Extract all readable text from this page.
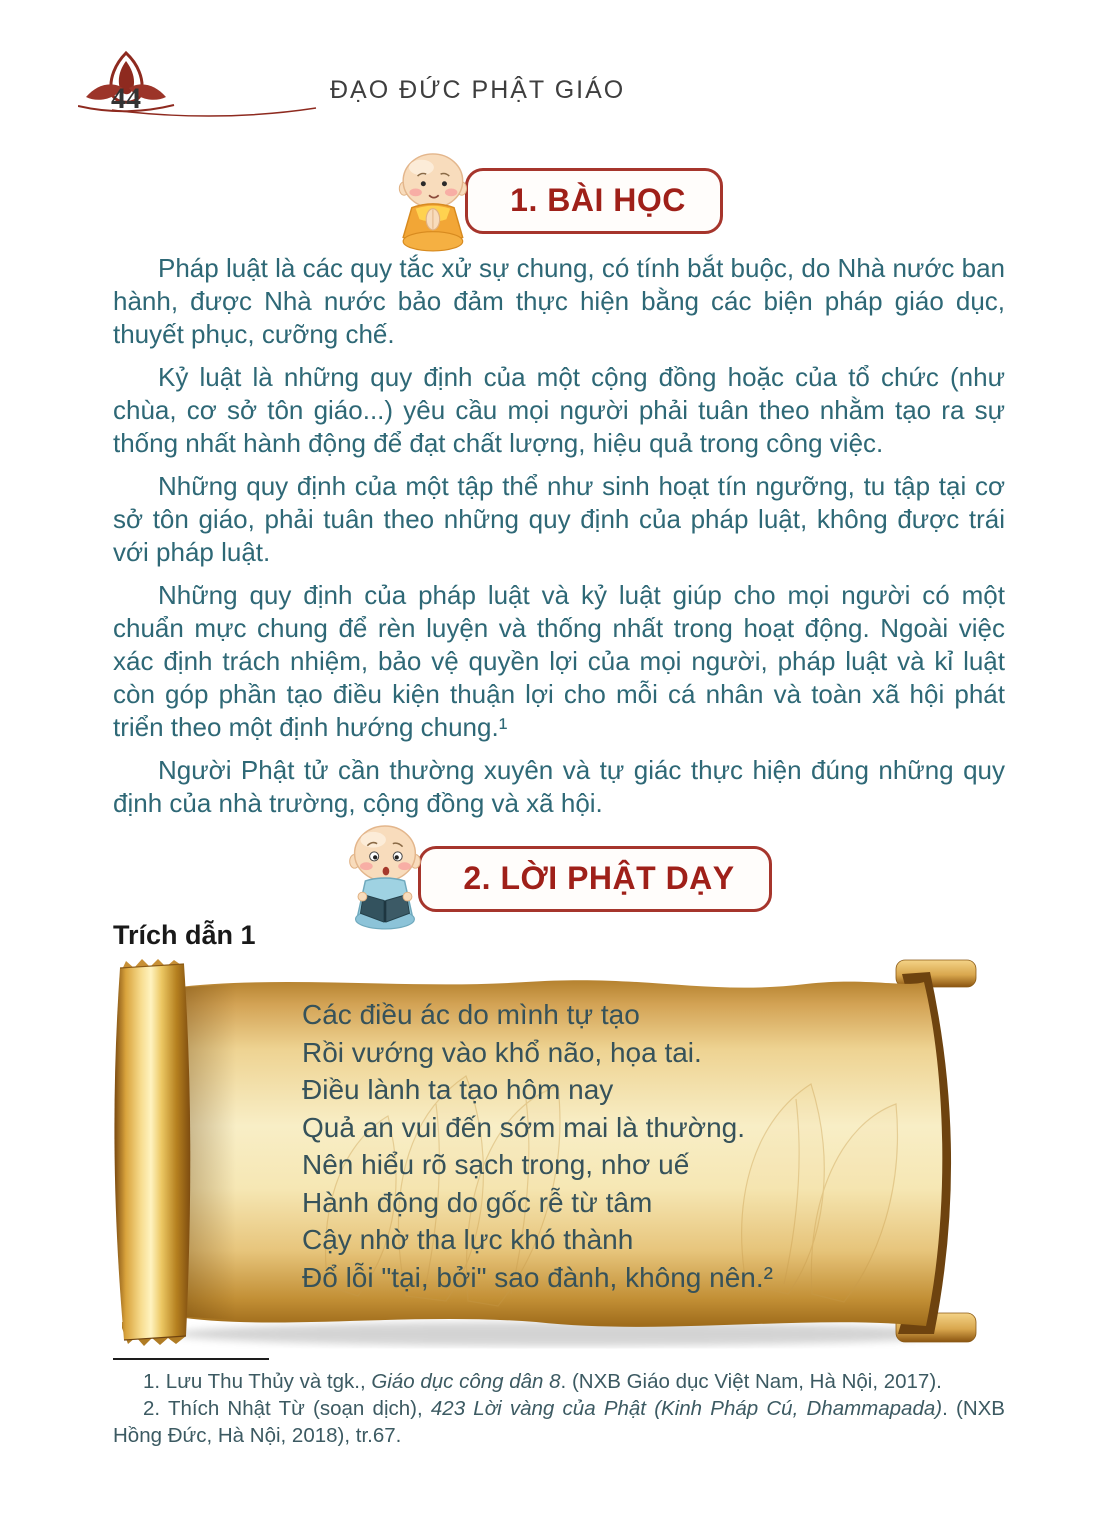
44	ĐẠO ĐỨC PHẬT GIÁO
1. BÀI HỌC

Pháp luật là các quy tắc xử sự chung, có tính bắt buộc, do Nhà nước ban hành, được Nhà nước bảo đảm thực hiện bằng các biện pháp giáo dục, thuyết phục, cưỡng chế.

Kỷ luật là những quy định của một cộng đồng hoặc của tổ chức (như chùa, cơ sở tôn giáo...) yêu cầu mọi người phải tuân theo nhằm tạo ra sự thống nhất hành động để đạt chất lượng, hiệu quả trong công việc.

Những quy định của một tập thể như sinh hoạt tín ngưỡng, tu tập tại cơ sở tôn giáo, phải tuân theo những quy định của pháp luật, không được trái với pháp luật.

Những quy định của pháp luật và kỷ luật giúp cho mọi người có một chuẩn mực chung để rèn luyện và thống nhất trong hoạt động. Ngoài việc xác định trách nhiệm, bảo vệ quyền lợi của mọi người, pháp luật và kỉ luật còn góp phần tạo điều kiện thuận lợi cho mỗi cá nhân và toàn xã hội phát triển theo một định hướng chung.¹

Người Phật tử cần thường xuyên và tự giác thực hiện đúng những quy định của nhà trường, cộng đồng và xã hội.

2. LỜI PHẬT DẠY
Trích dẫn 1
Các điều ác do mình tự tạo
Rồi vướng vào khổ não, họa tai.
Điều lành ta tạo hôm nay
Quả an vui đến sớm mai là thường.
Nên hiểu rõ sạch trong, nhơ uế
Hành động do gốc rễ từ tâm
Cậy nhờ tha lực khó thành
Đổ lỗi "tại, bởi" sao đành, không nên.²

1. Lưu Thu Thủy và tgk., Giáo dục công dân 8. (NXB Giáo dục Việt Nam, Hà Nội, 2017).

2. Thích Nhật Từ (soạn dịch), 423 Lời vàng của Phật (Kinh Pháp Cú, Dhammapada). (NXB Hồng Đức, Hà Nội, 2018), tr.67.
